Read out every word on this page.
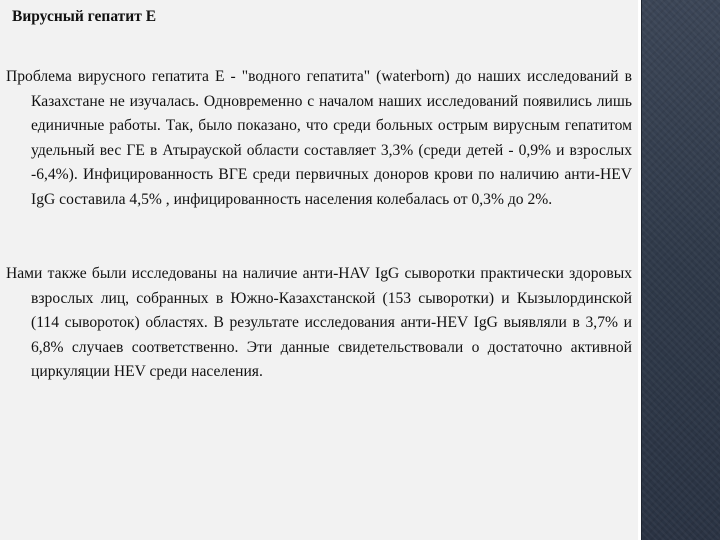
Вирусный гепатит Е
Проблема вирусного гепатита Е - "водного гепатита" (waterborn) до наших исследований в Казахстане не изучалась. Одновременно с началом наших исследований появились лишь единичные работы. Так, было показано, что среди больных острым вирусным гепатитом удельный вес ГЕ в Атырауской области составляет 3,3% (среди детей - 0,9% и взрослых -6,4%). Инфицированность ВГЕ среди первичных доноров крови по наличию анти-HEV IgG составила 4,5% , инфицированность населения колебалась от 0,3% до 2%.
Нами также были исследованы на наличие анти-HAV IgG сыворотки практически здоровых взрослых лиц, собранных в Южно-Казахстанской (153 сыворотки) и Кызылординской (114 сывороток) областях. В результате исследования анти-HEV IgG выявляли в 3,7% и 6,8% случаев соответственно. Эти данные свидетельствовали о достаточно активной циркуляции HEV среди населения.
